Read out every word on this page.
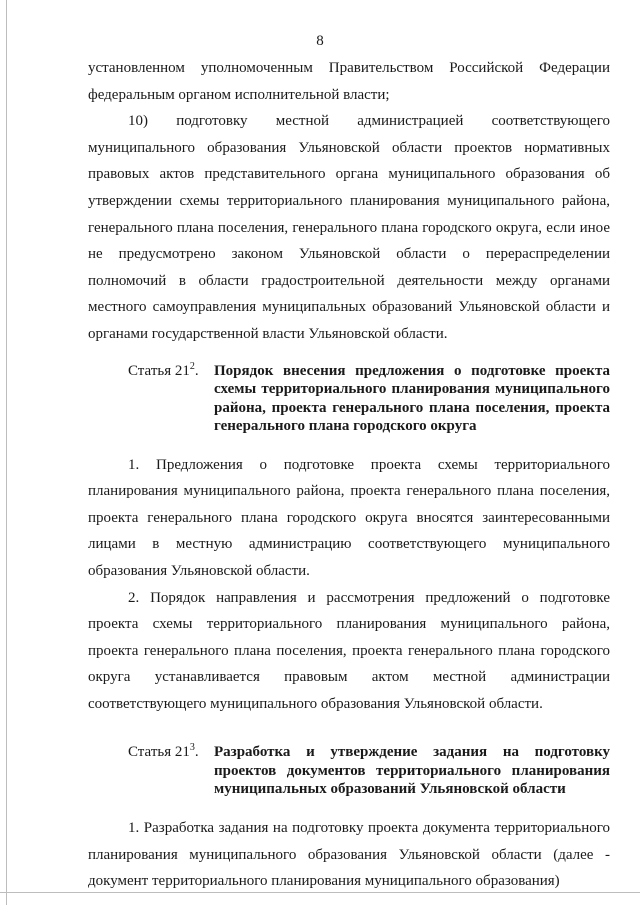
8

установленном уполномоченным Правительством Российской Федерации федеральным органом исполнительной власти;

10) подготовку местной администрацией соответствующего муниципального образования Ульяновской области проектов нормативных правовых актов представительного органа муниципального образования об утверждении схемы территориального планирования муниципального района, генерального плана поселения, генерального плана городского округа, если иное не предусмотрено законом Ульяновской области о перераспределении полномочий в области градостроительной деятельности между органами местного самоуправления муниципальных образований Ульяновской области и органами государственной власти Ульяновской области.

Статья $21^2$.	Порядок внесения предложения о подготовке проекта схемы территориального планирования муниципального района, проекта генерального плана поселения, проекта генерального плана городского округа

1. Предложения о подготовке проекта схемы территориального планирования муниципального района, проекта генерального плана поселения, проекта генерального плана городского округа вносятся заинтересованными лицами в местную администрацию соответствующего муниципального образования Ульяновской области.

2. Порядок направления и рассмотрения предложений о подготовке проекта схемы территориального планирования муниципального района, проекта генерального плана поселения, проекта генерального плана городского округа устанавливается правовым актом местной администрации соответствующего муниципального образования Ульяновской области.

Статья $21^3$.	Разработка и утверждение задания на подготовку проектов документов территориального планирования муниципальных образований Ульяновской области

1. Разработка задания на подготовку проекта документа территориального планирования муниципального образования Ульяновской области (далее - документ территориального планирования муниципального образования)
